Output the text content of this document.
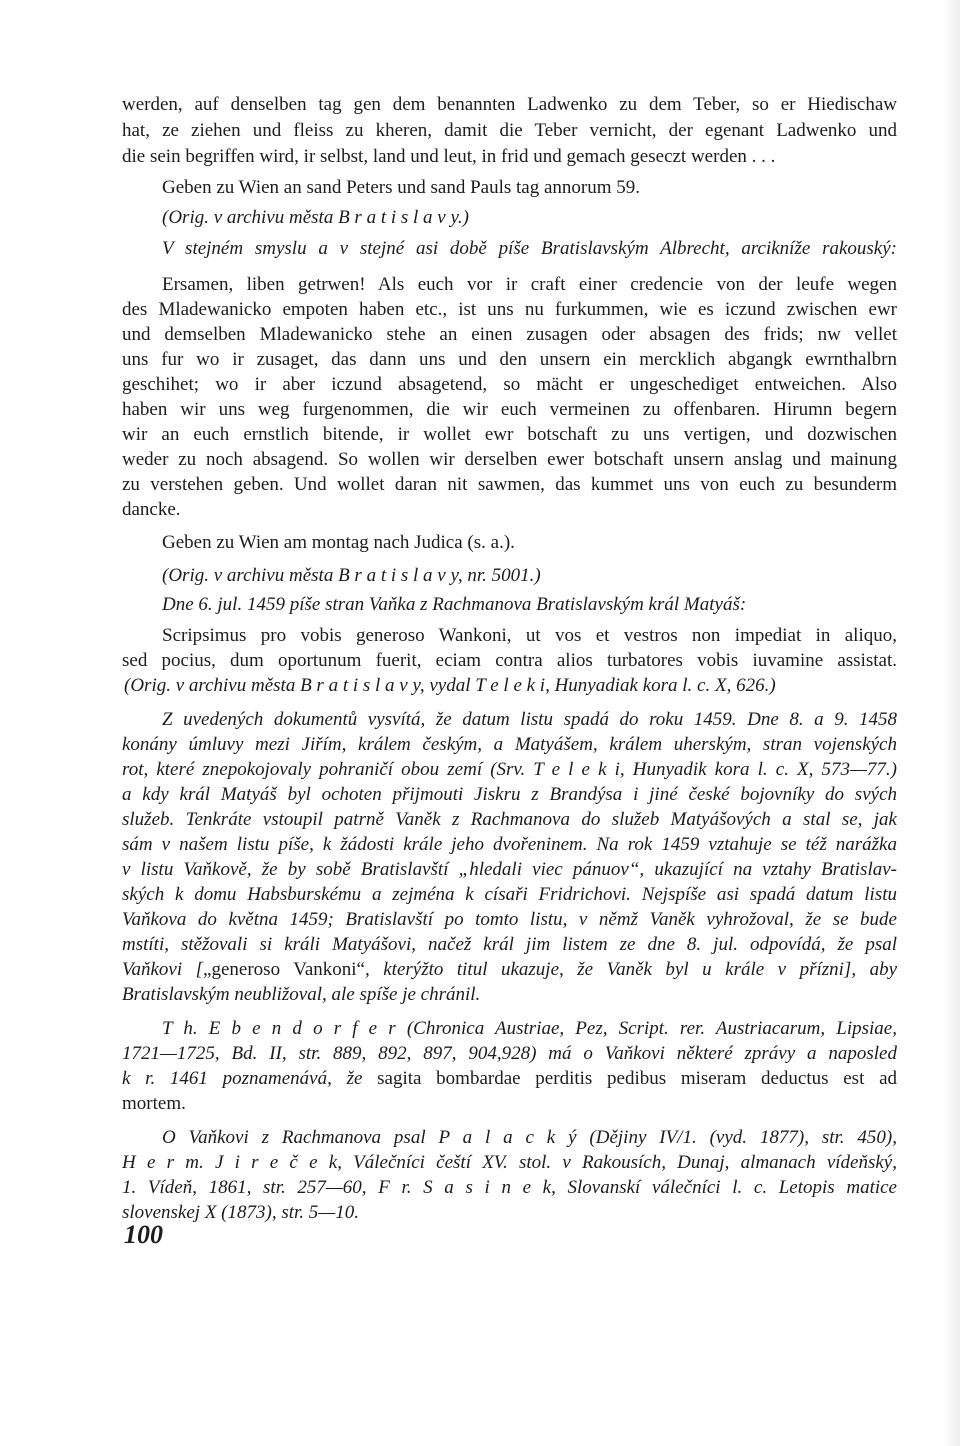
werden, auf denselben tag gen dem benannten Ladwenko zu dem Teber, so er Hiedischaw
hat, ze ziehen und fleiss zu kheren, damit die Teber vernicht, der egenant Ladwenko und
die sein begriffen wird, ir selbst, land und leut, in frid und gemach geseczt werden . . .
Geben zu Wien an sand Peters und sand Pauls tag annorum 59.
(Orig. v archivu města B r a t i s l a v y.)
V stejném smyslu a v stejné asi době píše Bratislavským Albrecht, arcikníže rakouský:
Ersamen, liben getrwen! Als euch vor ir craft einer credencie von der leufe wegen
des Mladewanicko empoten haben etc., ist uns nu furkummen, wie es iczund zwischen ewr
und demselben Mladewanicko stehe an einen zusagen oder absagen des frids; nw vellet
uns fur wo ir zusaget, das dann uns und den unsern ein mercklich abgangk ewrnthalbrn
geschihet; wo ir aber iczund absagetend, so mächt er ungeschediget entweichen. Also
haben wir uns weg furgenommen, die wir euch vermeinen zu offenbaren. Hirumn begern
wir an euch ernstlich bitende, ir wollet ewr botschaft zu uns vertigen, und dozwischen
weder zu noch absagend. So wollen wir derselben ewer botschaft unsern anslag und mainung
zu verstehen geben. Und wollet daran nit sawmen, das kummet uns von euch zu besunderm
dancke.
Geben zu Wien am montag nach Judica (s. a.).
(Orig. v archivu města B r a t i s l a v y, nr. 5001.)
Dne 6. jul. 1459 píše stran Vaňka z Rachmanova Bratislavským král Matyáš:
Scripsimus pro vobis generoso Wankoni, ut vos et vestros non impediat in aliquo,
sed pocius, dum oportunum fuerit, eciam contra alios turbatores vobis iuvamine assistat.
(Orig. v archivu města B r a t i s l a v y, vydal T e l e k i, Hunyadiak kora l. c. X, 626.)
Z uvedených dokumentů vysvítá, že datum listu spadá do roku 1459. Dne 8. a 9. 1458
konány úmluvy mezi Jiřím, králem českým, a Matyášem, králem uherským, stran vojenských
rot, které znepokojovaly pohraničí obou zemí (Srv. T e l e k i, Hunyadik kora l. c. X, 573—77.)
a kdy král Matyáš byl ochoten přijmouti Jiskru z Brandýsa i jiné české bojovníky do svých
služeb. Tenkráte vstoupil patrně Vaněk z Rachmanova do služeb Matyášových a stal se, jak
sám v našem listu píše, k žádosti krále jeho dvořeninem. Na rok 1459 vztahuje se též narážka
v listu Vaňkově, že by sobě Bratislavští „hledali viec pánuov“, ukazující na vztahy Bratislav-
ských k domu Habsburskému a zejména k císaři Fridrichovi. Nejspíše asi spadá datum listu
Vaňkova do května 1459; Bratislavští po tomto listu, v němž Vaněk vyhrožoval, že se bude
mstíti, stěžovali si králi Matyášovi, načež král jim listem ze dne 8. jul. odpovídá, že psal
Vaňkovi [„generoso Vankoni“, kterýžto titul ukazuje, že Vaněk byl u krále v přízni], aby
Bratislavským neubližoval, ale spíše je chránil.
T h. E b e n d o r f e r (Chronica Austriae, Pez, Script. rer. Austriacarum, Lipsiae,
1721—1725, Bd. II, str. 889, 892, 897, 904,928) má o Vaňkovi některé zprávy a naposled
k r. 1461 poznamenává, že sagita bombardae perditis pedibus miseram deductus est ad
mortem.
O Vaňkovi z Rachmanova psal P a l a c k ý (Dějiny IV/1. (vyd. 1877), str. 450),
H e r m. J i r e č e k, Válečníci čeští XV. stol. v Rakousích, Dunaj, almanach vídeňský,
1. Vídeň, 1861, str. 257—60, F r. S a s i n e k, Slovanskí válečníci l. c. Letopis matice
slovenskej X (1873), str. 5—10.
100
